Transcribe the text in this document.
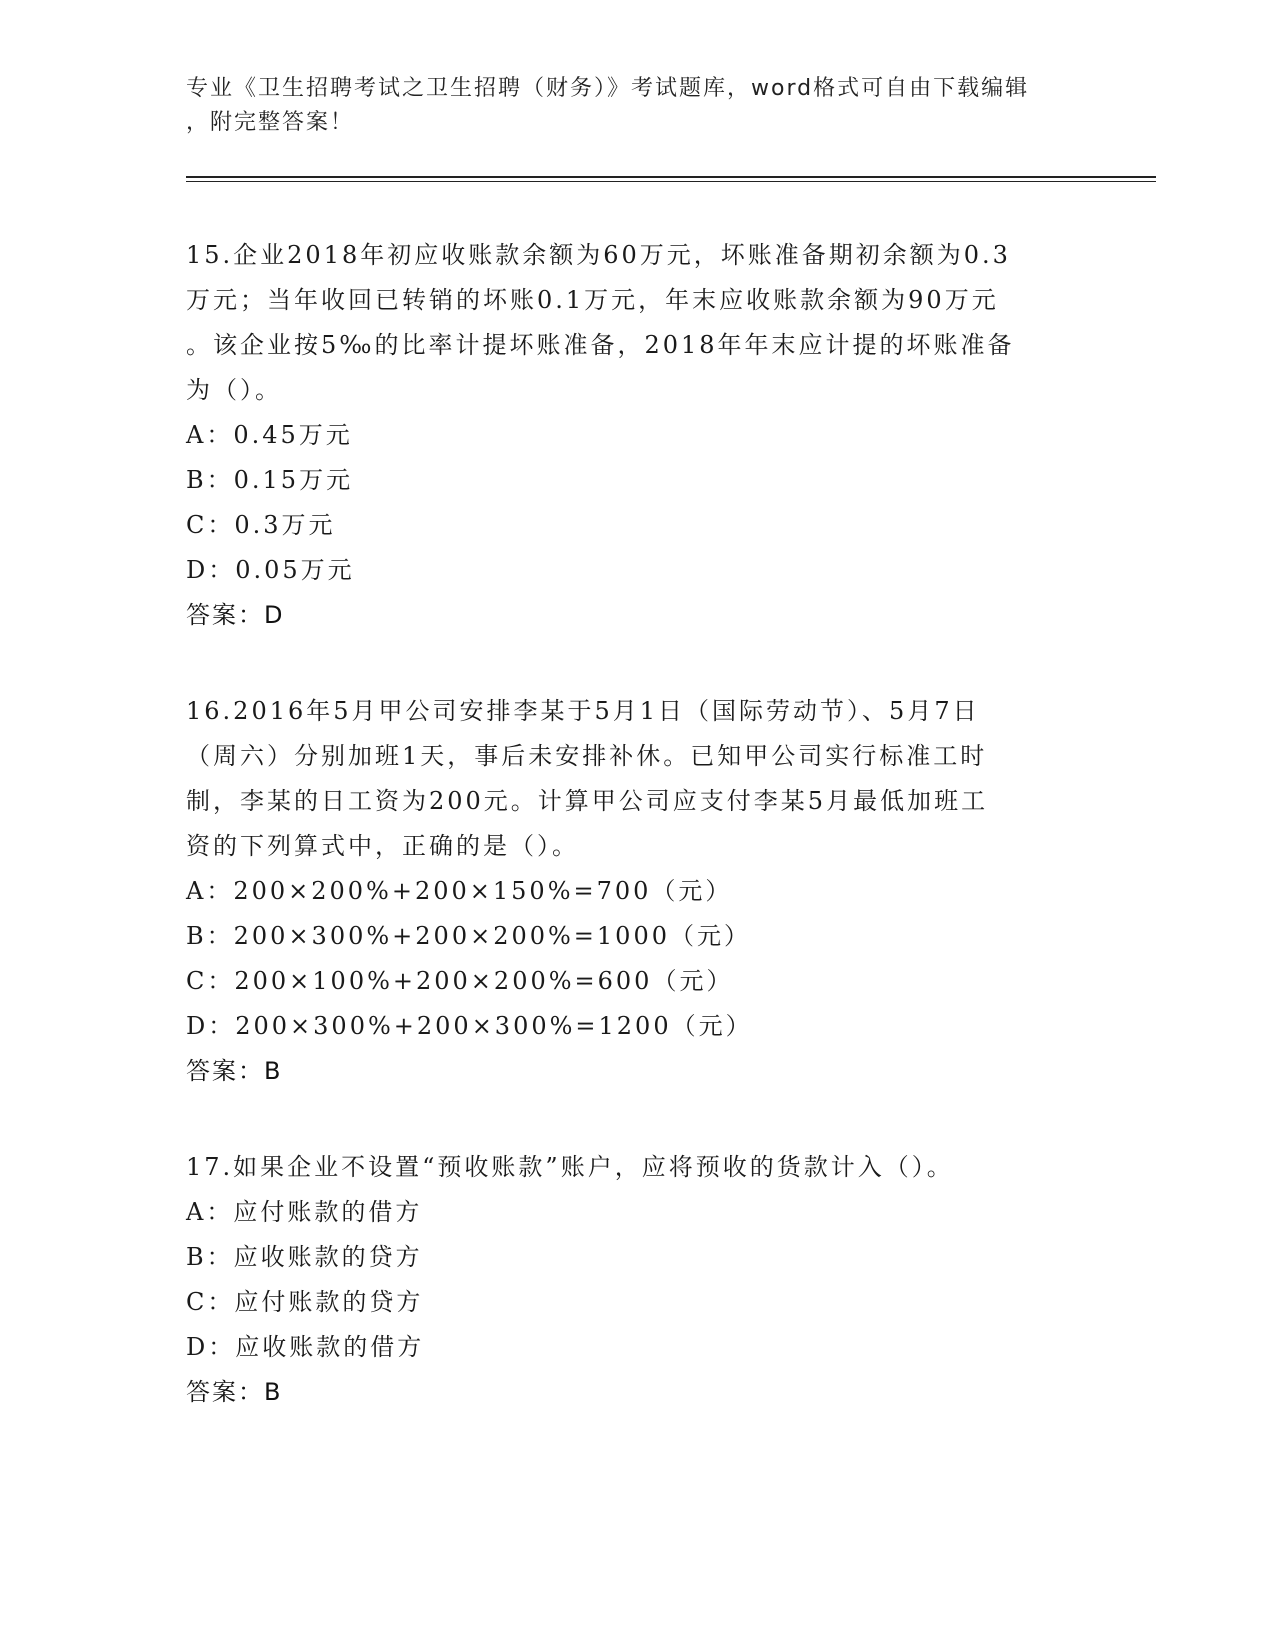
专业《卫生招聘考试之卫生招聘（财务）》考试题库，word格式可自由下载编辑
，附完整答案！
15.企业2018年初应收账款余额为60万元，坏账准备期初余额为0.3
万元；当年收回已转销的坏账0.1万元，年末应收账款余额为90万元
。该企业按5‰的比率计提坏账准备，2018年年末应计提的坏账准备
为（）。
A：0.45万元
B：0.15万元
C：0.3万元
D：0.05万元
答案：D
16.2016年5月甲公司安排李某于5月1日（国际劳动节）、5月7日
（周六）分别加班1天，事后未安排补休。已知甲公司实行标准工时
制，李某的日工资为200元。计算甲公司应支付李某5月最低加班工
资的下列算式中，正确的是（）。
A：200×200%+200×150%=700（元）
B：200×300%+200×200%=1000（元）
C：200×100%+200×200%=600（元）
D：200×300%+200×300%=1200（元）
答案：B
17.如果企业不设置“预收账款”账户，应将预收的货款计入（）。
A：应付账款的借方
B：应收账款的贷方
C：应付账款的贷方
D：应收账款的借方
答案：B
